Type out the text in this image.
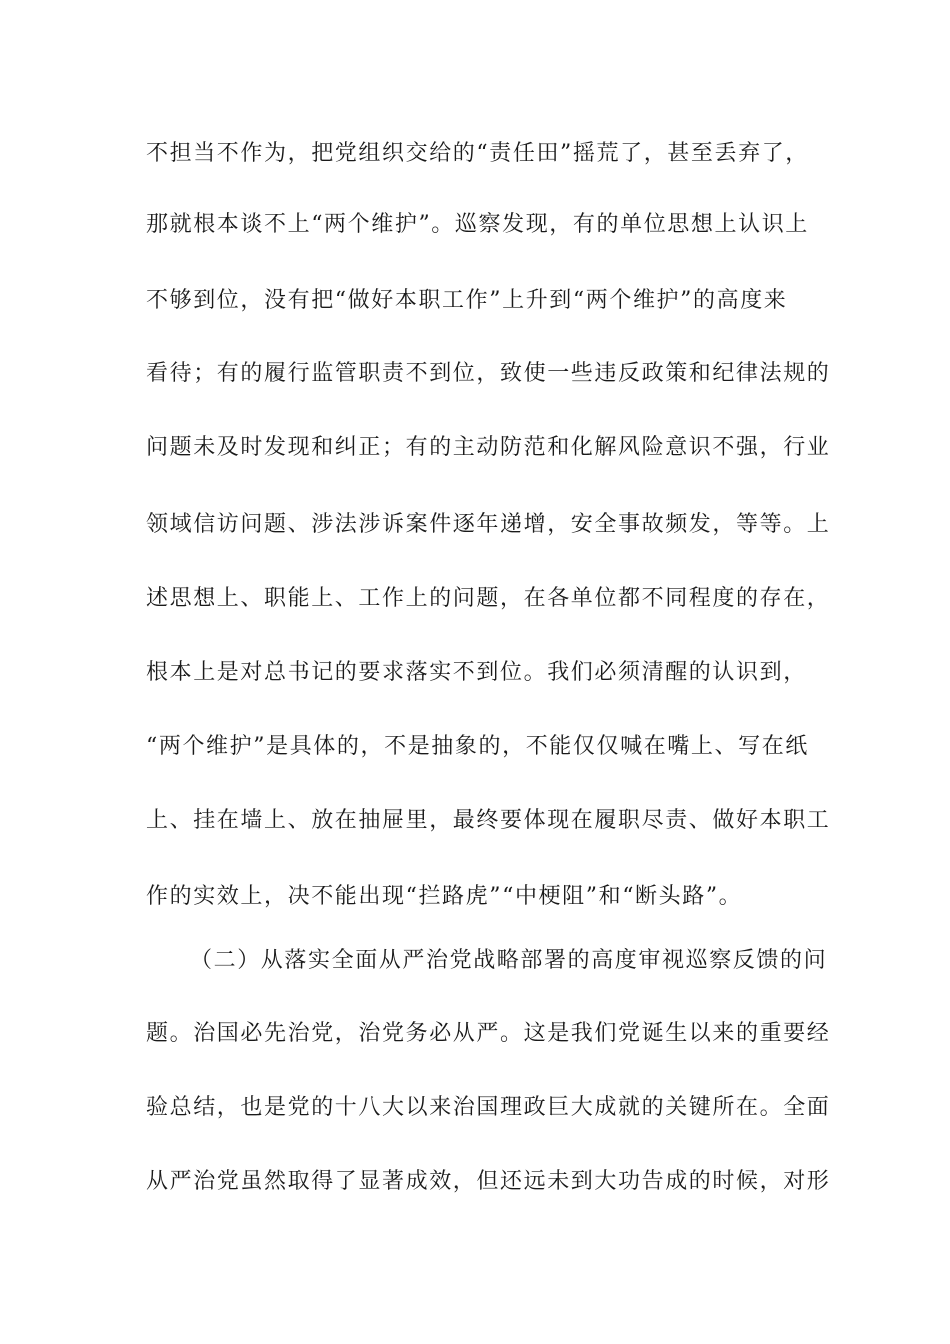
不担当不作为，把党组织交给的“责任田”摇荒了，甚至丢弃了，
那就根本谈不上“两个维护”。巡察发现，有的单位思想上认识上
不够到位，没有把“做好本职工作”上升到“两个维护”的高度来
看待；有的履行监管职责不到位，致使一些违反政策和纪律法规的
问题未及时发现和纠正；有的主动防范和化解风险意识不强，行业
领域信访问题、涉法涉诉案件逐年递增，安全事故频发，等等。上
述思想上、职能上、工作上的问题，在各单位都不同程度的存在，
根本上是对总书记的要求落实不到位。我们必须清醒的认识到，
“两个维护”是具体的，不是抽象的，不能仅仅喊在嘴上、写在纸
上、挂在墙上、放在抽屉里，最终要体现在履职尽责、做好本职工
作的实效上，决不能出现“拦路虎”“中梗阻”和“断头路”。
（二）从落实全面从严治党战略部署的高度审视巡察反馈的问
题。治国必先治党，治党务必从严。这是我们党诞生以来的重要经
验总结，也是党的十八大以来治国理政巨大成就的关键所在。全面
从严治党虽然取得了显著成效，但还远未到大功告成的时候，对形
